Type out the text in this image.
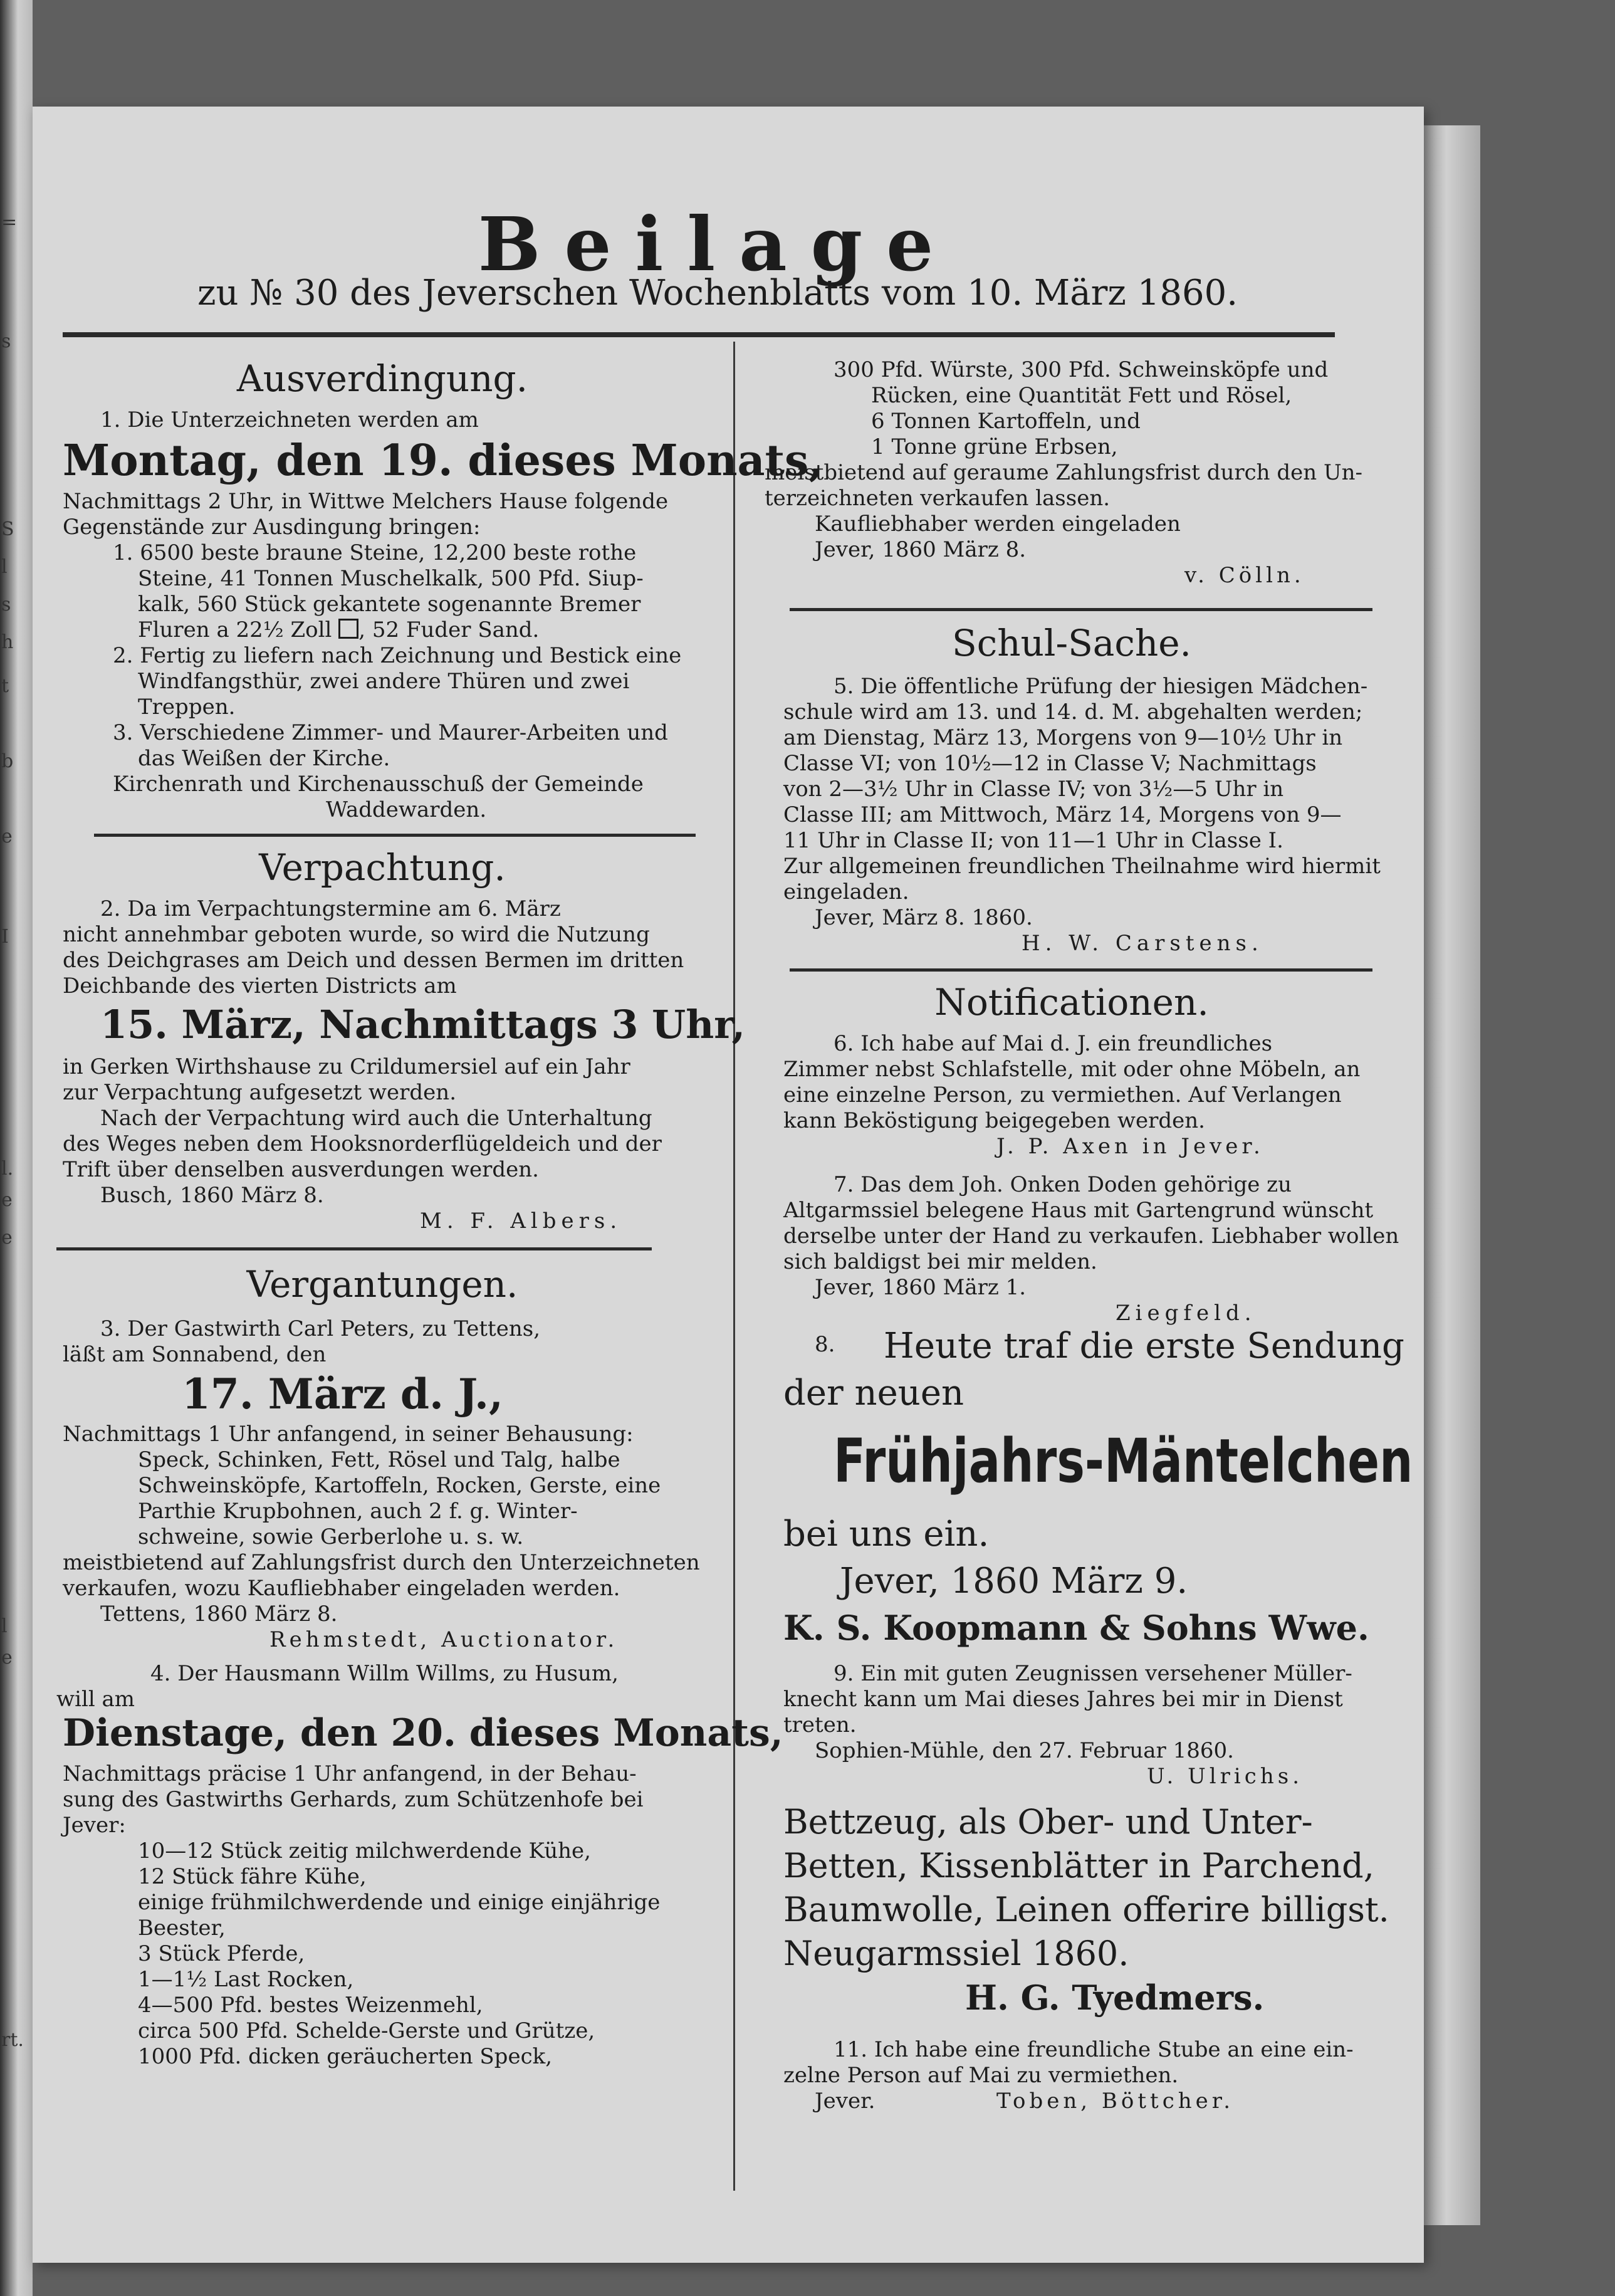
=
s
S
l
s
h
t
b
e
I
l.
e
e
l
e
rt.
Beilage
zu № 30 des Jeverschen Wochenblatts vom 10. März 1860.
Ausverdingung.
1. Die Unterzeichneten werden am
Montag, den 19. dieses Monats,
Nachmittags 2 Uhr, in Wittwe Melchers Hause folgende
Gegenstände zur Ausdingung bringen:
1. 6500 beste braune Steine, 12,200 beste rothe
Steine, 41 Tonnen Muschelkalk, 500 Pfd. Siup-
kalk, 560 Stück gekantete sogenannte Bremer
Fluren a 22½ Zoll , 52 Fuder Sand.
2. Fertig zu liefern nach Zeichnung und Bestick eine
Windfangsthür, zwei andere Thüren und zwei
Treppen.
3. Verschiedene Zimmer- und Maurer-Arbeiten und
das Weißen der Kirche.
Kirchenrath und Kirchenausschuß der Gemeinde
Waddewarden.
Verpachtung.
2. Da im Verpachtungstermine am 6. März
nicht annehmbar geboten wurde, so wird die Nutzung
des Deichgrases am Deich und dessen Bermen im dritten
Deichbande des vierten Districts am
15. März, Nachmittags 3 Uhr,
in Gerken Wirthshause zu Crildumersiel auf ein Jahr
zur Verpachtung aufgesetzt werden.
Nach der Verpachtung wird auch die Unterhaltung
des Weges neben dem Hooksnorderflügeldeich und der
Trift über denselben ausverdungen werden.
Busch, 1860 März 8.
M. F. Albers.
Vergantungen.
3. Der Gastwirth Carl Peters, zu Tettens,
läßt am Sonnabend, den
17. März d. J.,
Nachmittags 1 Uhr anfangend, in seiner Behausung:
Speck, Schinken, Fett, Rösel und Talg, halbe
Schweinsköpfe, Kartoffeln, Rocken, Gerste, eine
Parthie Krupbohnen, auch 2 f. g. Winter-
schweine, sowie Gerberlohe u. s. w.
meistbietend auf Zahlungsfrist durch den Unterzeichneten
verkaufen, wozu Kaufliebhaber eingeladen werden.
Tettens, 1860 März 8.
Rehmstedt, Auctionator.
4. Der Hausmann Willm Willms, zu Husum,
will am
Dienstage, den 20. dieses Monats,
Nachmittags präcise 1 Uhr anfangend, in der Behau-
sung des Gastwirths Gerhards, zum Schützenhofe bei
Jever:
10—12 Stück zeitig milchwerdende Kühe,
12 Stück fähre Kühe,
einige frühmilchwerdende und einige einjährige
Beester,
3 Stück Pferde,
1—1½ Last Rocken,
4—500 Pfd. bestes Weizenmehl,
circa 500 Pfd. Schelde-Gerste und Grütze,
1000 Pfd. dicken geräucherten Speck,
300 Pfd. Würste, 300 Pfd. Schweinsköpfe und
Rücken, eine Quantität Fett und Rösel,
6 Tonnen Kartoffeln, und
1 Tonne grüne Erbsen,
meistbietend auf geraume Zahlungsfrist durch den Un-
terzeichneten verkaufen lassen.
Kaufliebhaber werden eingeladen
Jever, 1860 März 8.
v. Cölln.
Schul-Sache.
5. Die öffentliche Prüfung der hiesigen Mädchen-
schule wird am 13. und 14. d. M. abgehalten werden;
am Dienstag, März 13, Morgens von 9—10½ Uhr in
Classe VI; von 10½—12 in Classe V; Nachmittags
von 2—3½ Uhr in Classe IV; von 3½—5 Uhr in
Classe III; am Mittwoch, März 14, Morgens von 9—
11 Uhr in Classe II; von 11—1 Uhr in Classe I.
Zur allgemeinen freundlichen Theilnahme wird hiermit
eingeladen.
Jever, März 8. 1860.
H. W. Carstens.
Notificationen.
6. Ich habe auf Mai d. J. ein freundliches
Zimmer nebst Schlafstelle, mit oder ohne Möbeln, an
eine einzelne Person, zu vermiethen. Auf Verlangen
kann Beköstigung beigegeben werden.
J. P. Axen in Jever.
7. Das dem Joh. Onken Doden gehörige zu
Altgarmssiel belegene Haus mit Gartengrund wünscht
derselbe unter der Hand zu verkaufen. Liebhaber wollen
sich baldigst bei mir melden.
Jever, 1860 März 1.
Ziegfeld.
8. Heute traf die erste Sendung
der neuen
Frühjahrs-Mäntelchen
bei uns ein.
Jever, 1860 März 9.
K. S. Koopmann & Sohns Wwe.
9. Ein mit guten Zeugnissen versehener Müller-
knecht kann um Mai dieses Jahres bei mir in Dienst
treten.
Sophien-Mühle, den 27. Februar 1860.
U. Ulrichs.
Bettzeug, als Ober- und Unter-
Betten, Kissenblätter in Parchend,
Baumwolle, Leinen offerire billigst.
Neugarmssiel 1860.
H. G. Tyedmers.
11. Ich habe eine freundliche Stube an eine ein-
zelne Person auf Mai zu vermiethen.
Jever.	Toben, Böttcher.
